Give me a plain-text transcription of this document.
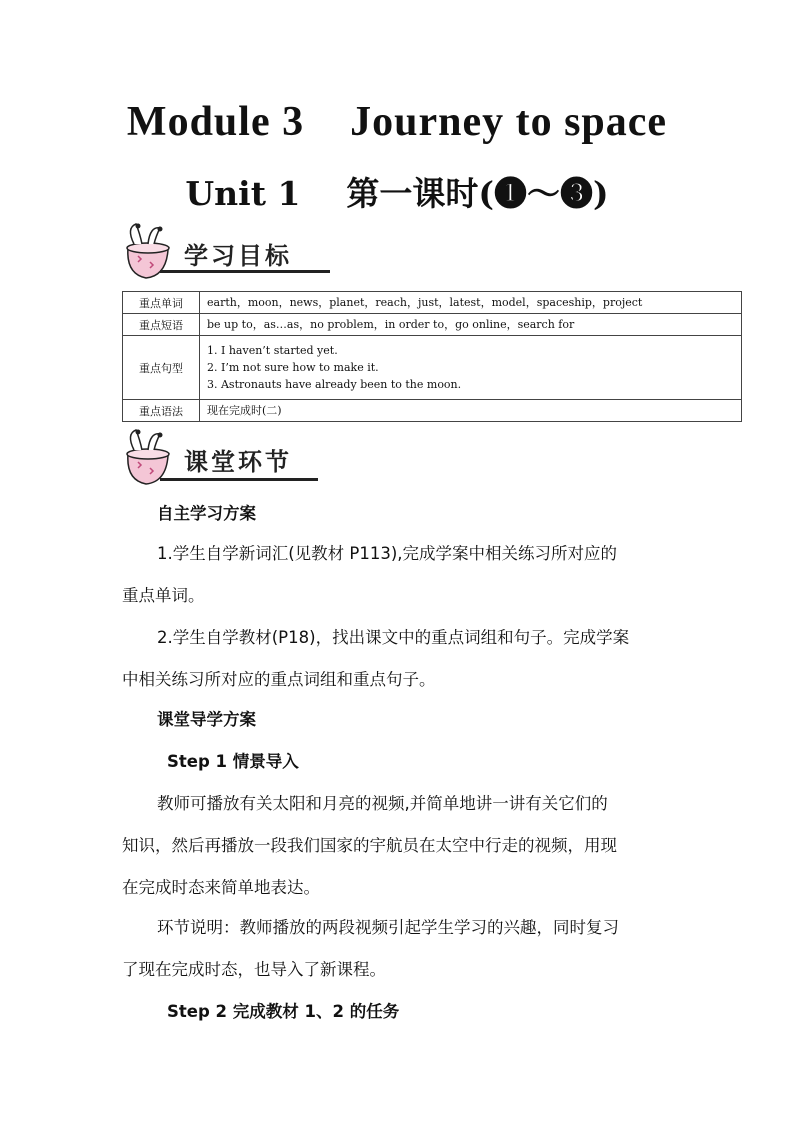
Module 3    Journey to space
Unit 1    第一课时(❶～❸)
学习目标
重点单词	earth，moon，news，planet，reach，just，latest，model，spaceship，project

重点短语	be up to，as…as，no problem，in order to，go online，search for

重点句型	1. I haven’t started yet.
2. I’m not sure how to make it.
3. Astronauts have already been to the moon.

重点语法	现在完成时(二)
课堂环节
自主学习方案
1.学生自学新词汇(见教材 P113),完成学案中相关练习所对应的
重点单词。
2.学生自学教材(P18)，找出课文中的重点词组和句子。完成学案
中相关练习所对应的重点词组和重点句子。
课堂导学方案
Step 1 情景导入
教师可播放有关太阳和月亮的视频,并简单地讲一讲有关它们的
知识，然后再播放一段我们国家的宇航员在太空中行走的视频，用现
在完成时态来简单地表达。
环节说明：教师播放的两段视频引起学生学习的兴趣，同时复习
了现在完成时态，也导入了新课程。
Step 2 完成教材 1、2 的任务
